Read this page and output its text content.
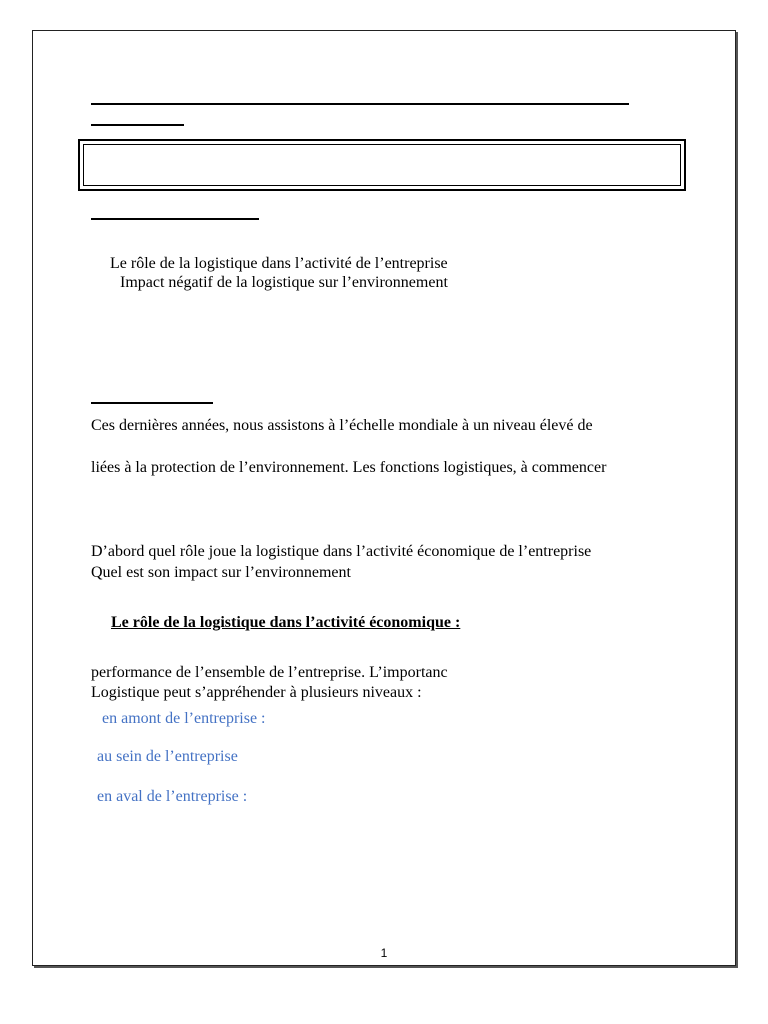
Le rôle de la logistique dans l’activité de l’entreprise
Impact négatif de la logistique sur l’environnement
Ces dernières années, nous assistons à l’échelle mondiale à un niveau élevé de
liées à la protection de l’environnement. Les fonctions logistiques, à commencer
D’abord quel rôle joue la logistique dans l’activité économique de l’entreprise
Quel est son impact sur l’environnement
Le rôle de la logistique dans l’activité économique :
performance de l’ensemble de l’entreprise. L’importanc
Logistique peut s’appréhender à plusieurs niveaux :
en amont de l’entreprise :
au sein de l’entreprise
en aval de l’entreprise :
1
